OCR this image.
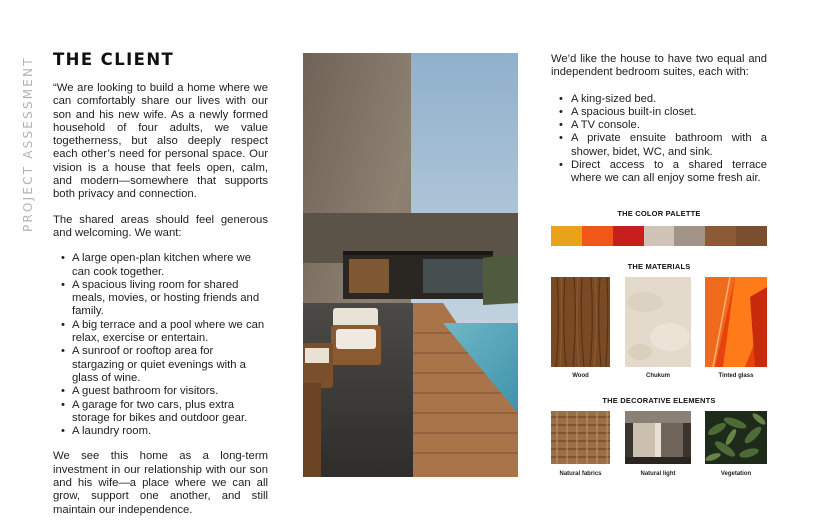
PROJECT ASSESSMENT THE CLIENT

“We are looking to build a home where we can comfortably share our lives with our son and his new wife. As a newly formed household of four adults, we value togetherness, but also deeply respect each other’s need for personal space. Our vision is a house that feels open, calm, and modern—somewhere that supports both privacy and connection.

The shared areas should feel generous and welcoming. We want:

• A large open-plan kitchen where we can cook together.
• A spacious living room for shared meals, movies, or hosting friends and family.
• A big terrace and a pool where we can relax, exercise or entertain.
• A sunroof or rooftop area for stargazing or quiet evenings with a glass of wine.
• A guest bathroom for visitors.
• A garage for two cars, plus extra storage for bikes and outdoor gear.
• A laundry room.

We see this home as a long-term investment in our relationship with our son and his wife—a place where we can all grow, support one another, and still maintain our independence.

We’d like the house to have two equal and independent bedroom suites, each with:

• A king-sized bed.
• A spacious built-in closet.
• A TV console.
• A private ensuite bathroom with a shower, bidet, WC, and sink.
• Direct access to a shared terrace where we can all enjoy some fresh air.
THE COLOR PALETTE
THE MATERIALS
Wood	Chukum	Tinted glass
THE DECORATIVE ELEMENTS
Natural fabrics	Natural light	Vegetation
